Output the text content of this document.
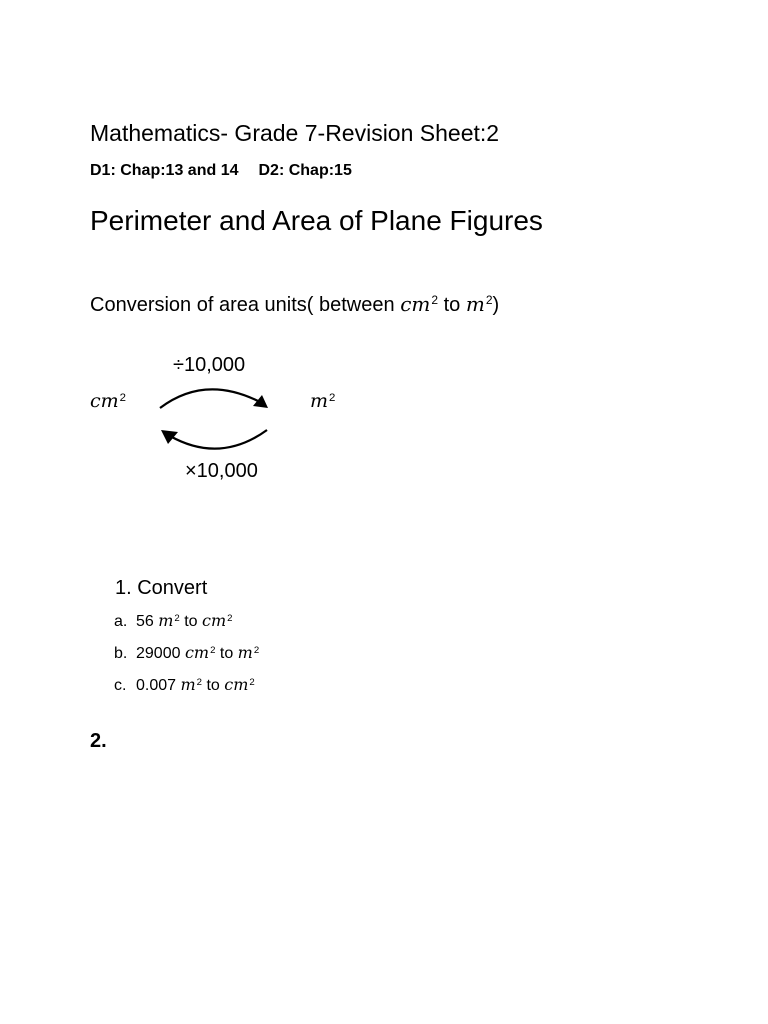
Mathematics- Grade 7-Revision Sheet:2
D1: Chap:13 and 14 D2: Chap:15
Perimeter and Area of Plane Figures
Conversion of area units( between $cm^2$ to $m^2$)
÷10,000
$cm^2$	$m^2$
×10,000
1. Convert
a. 56 $m^2$ to $cm^2$
b. 29000 $cm^2$ to $m^2$
c. 0.007 $m^2$ to $cm^2$
2.
